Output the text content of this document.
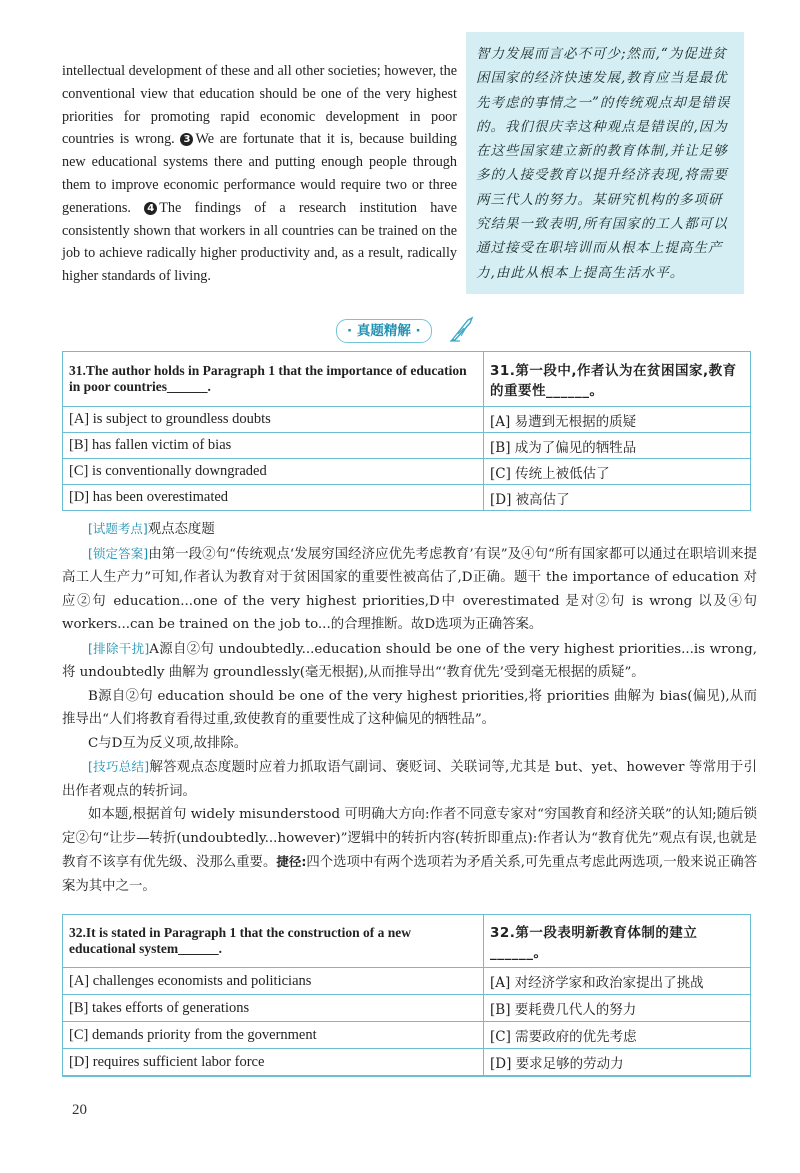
intellectual development of these and all other societies; however, the conventional view that education should be one of the very highest priorities for promoting rapid economic development in poor countries is wrong. 3 We are fortunate that it is, because building new educational systems there and putting enough people through them to improve economic performance would require two or three generations. 4 The findings of a research institution have consistently shown that workers in all countries can be trained on the job to achieve radically higher productivity and, as a result, radically higher standards of living.

智力发展而言必不可少;然而,“为促进贫困国家的经济快速发展,教育应当是最优先考虑的事情之一”的传统观点却是错误的。我们很庆幸这种观点是错误的,因为在这些国家建立新的教育体制,并让足够多的人接受教育以提升经济表现,将需要两三代人的努力。某研究机构的多项研究结果一致表明,所有国家的工人都可以通过接受在职培训而从根本上提高生产力,由此从根本上提高生活水平。
· 真题精解 ·
31.The author holds in Paragraph 1 that the importance of education in poor countries______.	31.第一段中,作者认为在贫困国家,教育的重要性______。
[A] is subject to groundless doubts	[A] 易遭到无根据的质疑
[B] has fallen victim of bias	[B] 成为了偏见的牺牲品
[C] is conventionally downgraded	[C] 传统上被低估了
[D] has been overestimated	[D] 被高估了

[试题考点]观点态度题

[锁定答案]由第一段②句“传统观点‘发展穷国经济应优先考虑教育’有误”及④句“所有国家都可以通过在职培训来提高工人生产力”可知,作者认为教育对于贫困国家的重要性被高估了,D正确。题干 the importance of education 对应②句 education...one of the very highest priorities,D中 overestimated 是对②句 is wrong 以及④句 workers...can be trained on the job to...的合理推断。故D选项为正确答案。

[排除干扰]A源自②句 undoubtedly...education should be one of the very highest priorities...is wrong,将 undoubtedly 曲解为 groundlessly(毫无根据),从而推导出“‘教育优先’受到毫无根据的质疑”。

B源自②句 education should be one of the very highest priorities,将 priorities 曲解为 bias(偏见),从而推导出“人们将教育看得过重,致使教育的重要性成了这种偏见的牺牲品”。

C与D互为反义项,故排除。

[技巧总结]解答观点态度题时应着力抓取语气副词、褒贬词、关联词等,尤其是 but、yet、however 等常用于引出作者观点的转折词。

如本题,根据首句 widely misunderstood 可明确大方向:作者不同意专家对“穷国教育和经济关联”的认知;随后锁定②句“让步—转折(undoubtedly...however)”逻辑中的转折内容(转折即重点):作者认为“教育优先”观点有误,也就是教育不该享有优先级、没那么重要。捷径:四个选项中有两个选项若为矛盾关系,可先重点考虑此两选项,一般来说正确答案为其中之一。

32.It is stated in Paragraph 1 that the construction of a new educational system______.	32.第一段表明新教育体制的建立______。
[A] challenges economists and politicians	[A] 对经济学家和政治家提出了挑战
[B] takes efforts of generations	[B] 要耗费几代人的努力
[C] demands priority from the government	[C] 需要政府的优先考虑
[D] requires sufficient labor force	[D] 要求足够的劳动力
20
